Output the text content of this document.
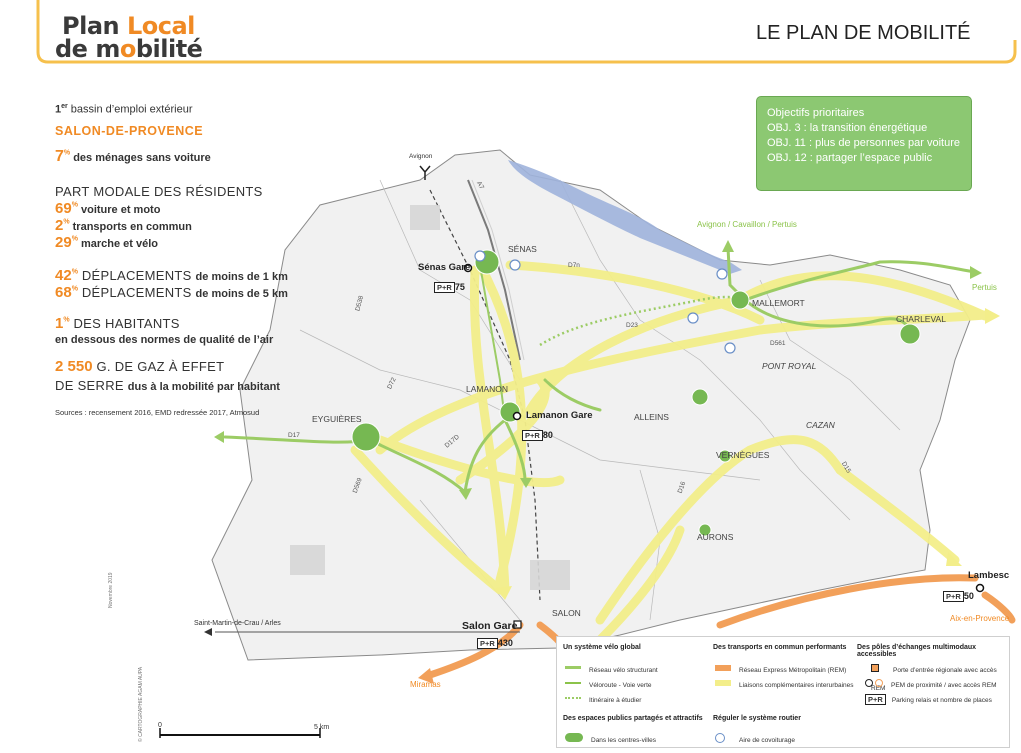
Plan Local
de mobilité
LE PLAN DE MOBILITÉ
Objectifs prioritaires
OBJ. 3 : la transition énergétique
OBJ. 11 : plus de personnes par voiture
OBJ. 12 : partager l’espace public
1er bassin d’emploi extérieur
SALON-DE-PROVENCE
7% des ménages sans voiture
PART MODALE DES RÉSIDENTS
69% voiture et moto
2% transports en commun
29% marche et vélo
42% DÉPLACEMENTS de moins de 1 km
68% DÉPLACEMENTS de moins de 5 km
1% DES HABITANTS
en dessous des normes de qualité de l’air
2 550 G. DE GAZ À EFFET
DE SERRE dus à la mobilité par habitant
Sources : recensement 2016, EMD redressée 2017, Atmosud
SÉNAS
MALLEMORT
CHARLEVAL
PONT ROYAL
LAMANON
ALLEINS
EYGUIÈRES
CAZAN
VERNÈGUES
AURONS
SALON
A7
D7n
D538
D23
D561
D72
D17	D17D
D569	D16
D15
Sénas Gare
P+R 75
Lamanon Gare
P+R 80
Salon Gare
P+R 430
Lambesc
P+R 50
Avignon
Avignon / Cavaillon / Pertuis
Pertuis
Saint-Martin-de-Crau / Arles
Miramas
Aix-en-Provence
0	5 km
Novembre 2019
© CARTOGRAPHIE AGAM AUPA
Un système vélo global
Réseau vélo structurant
Véloroute - Voie verte
Itinéraire à étudier
Des espaces publics partagés et attractifs
Dans les centres-villes
Des transports en commun performants
Réseau Express Métropolitain (REM)
Liaisons complémentaires interurbaines
Réguler le système routier
Aire de covoiturage
Des pôles d’échanges multimodaux accessibles
Porte d’entrée régionale avec accès REM PEM de proximité / avec accès REM
P+R Parking relais et nombre de places
